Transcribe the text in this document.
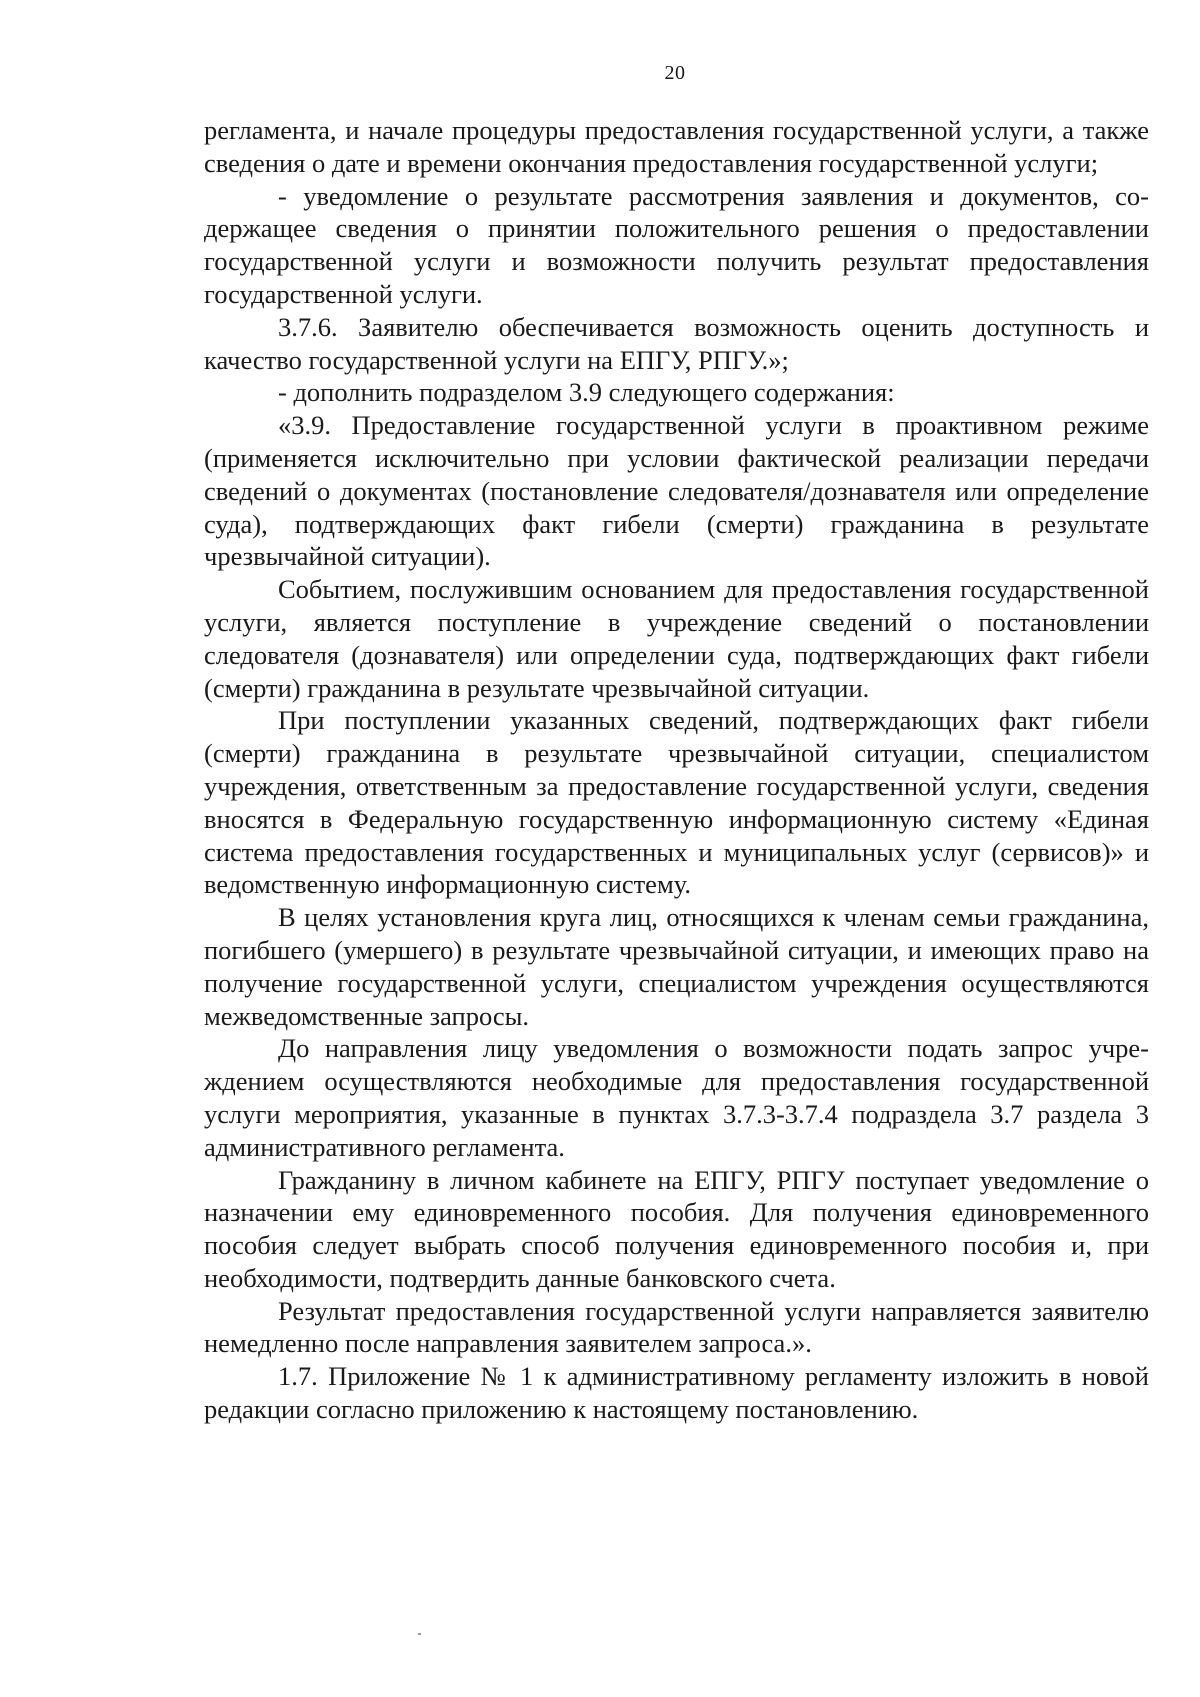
20

регламента, и начале процедуры предоставления государственной услуги, а также сведения о дате и времени окончания предоставления государственной услуги;

- уведомление о результате рассмотрения заявления и документов, содержащее сведения о принятии положительного решения о предоставлении государственной услуги и возможности получить результат предоставления государственной услуги.

3.7.6. Заявителю обеспечивается возможность оценить доступность и качество государственной услуги на ЕПГУ, РПГУ.»;

- дополнить подразделом 3.9 следующего содержания:

«3.9. Предоставление государственной услуги в проактивном режиме (применяется исключительно при условии фактической реализации передачи сведений о документах (постановление следователя/дознавателя или определение суда), подтверждающих факт гибели (смерти) гражданина в результате чрезвычайной ситуации).

Событием, послужившим основанием для предоставления государственной услуги, является поступление в учреждение сведений о постановлении следователя (дознавателя) или определении суда, подтверждающих факт гибели (смерти) гражданина в результате чрезвычайной ситуации.

При поступлении указанных сведений, подтверждающих факт гибели (смерти) гражданина в результате чрезвычайной ситуации, специалистом учреждения, ответственным за предоставление государственной услуги, сведения вносятся в Федеральную государственную информационную систему «Единая система предоставления государственных и муниципальных услуг (сервисов)» и ведомственную информационную систему.

В целях установления круга лиц, относящихся к членам семьи гражданина, погибшего (умершего) в результате чрезвычайной ситуации, и имеющих право на получение государственной услуги, специалистом учреждения осуществляются межведомственные запросы.

До направления лицу уведомления о возможности подать запрос учреждением осуществляются необходимые для предоставления государственной услуги мероприятия, указанные в пунктах 3.7.3-3.7.4 подраздела 3.7 раздела 3 административного регламента.

Гражданину в личном кабинете на ЕПГУ, РПГУ поступает уведомление о назначении ему единовременного пособия. Для получения единовременного пособия следует выбрать способ получения единовременного пособия и, при необходимости, подтвердить данные банковского счета.

Результат предоставления государственной услуги направляется заявителю немедленно после направления заявителем запроса.».

1.7. Приложение № 1 к административному регламенту изложить в новой редакции согласно приложению к настоящему постановлению.
